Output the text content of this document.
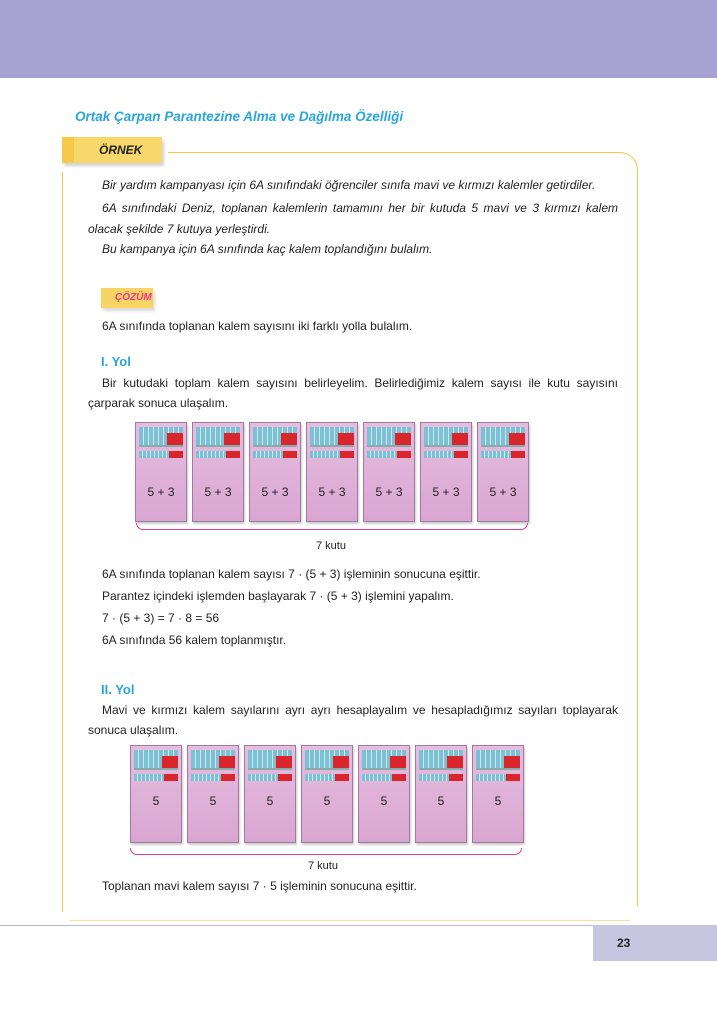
Ortak Çarpan Parantezine Alma ve Dağılma Özelliği
ÖRNEK
Bir yardım kampanyası için 6A sınıfındaki öğrenciler sınıfa mavi ve kırmızı kalemler getirdiler.
6A sınıfındaki Deniz, toplanan kalemlerin tamamını her bir kutuda 5 mavi ve 3 kırmızı kalem olacak şekilde 7 kutuya yerleştirdi.
Bu kampanya için 6A sınıfında kaç kalem toplandığını bulalım.
ÇÖZÜM
6A sınıfında toplanan kalem sayısını iki farklı yolla bulalım.
I. Yol
Bir kutudaki toplam kalem sayısını belirleyelim. Belirlediğimiz kalem sayısı ile kutu sayısını çarparak sonuca ulaşalım.
5 + 3	5 + 3	5 + 3	5 + 3	5 + 3	5 + 3	5 + 3
7 kutu
6A sınıfında toplanan kalem sayısı 7 · (5 + 3) işleminin sonucuna eşittir.
Parantez içindeki işlemden başlayarak 7 · (5 + 3) işlemini yapalım.
7 · (5 + 3) = 7 · 8 = 56
6A sınıfında 56 kalem toplanmıştır.
II. Yol
Mavi ve kırmızı kalem sayılarını ayrı ayrı hesaplayalım ve hesapladığımız sayıları toplayarak sonuca ulaşalım.
5	5	5	5	5	5	5
7 kutu
Toplanan mavi kalem sayısı 7 · 5 işleminin sonucuna eşittir.
23
